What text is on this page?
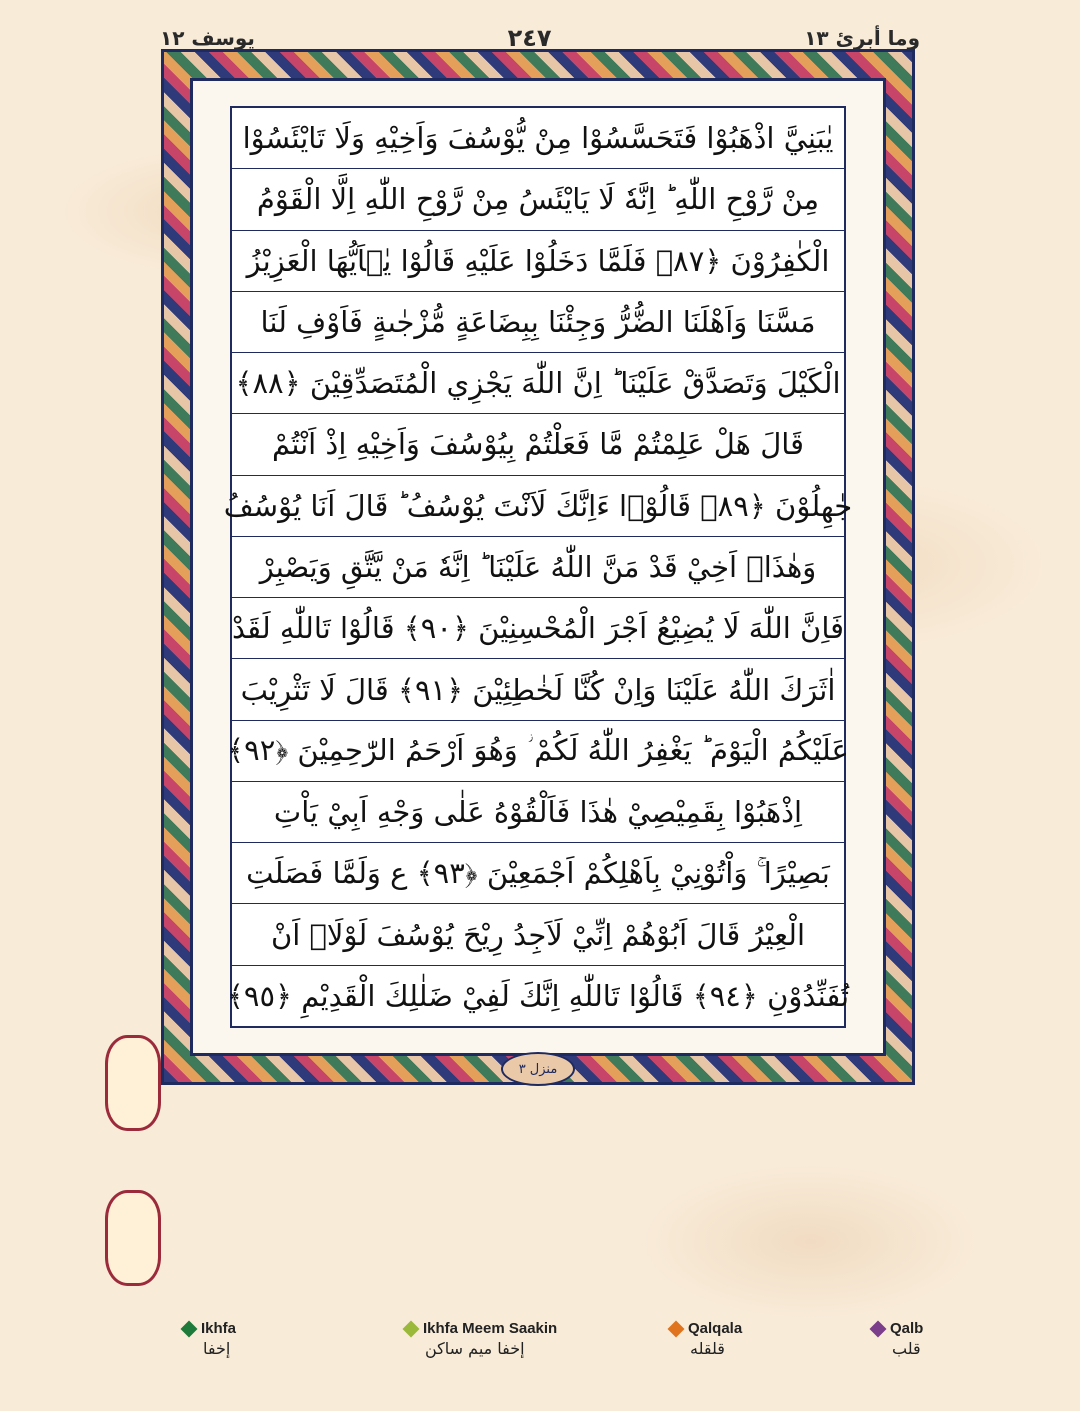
يوسف ١٢	٢٤٧	وما أبرئ ١٣
يٰبَنِيَّ اذْهَبُوْا فَتَحَسَّسُوْا مِنْ يُّوْسُفَ وَاَخِيْهِ وَلَا تَايْئَسُوْا
مِنْ رَّوْحِ اللّٰهِ ؕ اِنَّهٗ لَا يَايْئَسُ مِنْ رَّوْحِ اللّٰهِ اِلَّا الْقَوْمُ
الْكٰفِرُوْنَ ﴿٨٧﴾ فَلَمَّا دَخَلُوْا عَلَيْهِ قَالُوْا يٰۤاَيُّهَا الْعَزِيْزُ
مَسَّنَا وَاَهْلَنَا الضُّرُّ وَجِئْنَا بِبِضَاعَةٍ مُّزْجٰىةٍ فَاَوْفِ لَنَا
الْكَيْلَ وَتَصَدَّقْ عَلَيْنَا ؕ اِنَّ اللّٰهَ يَجْزِي الْمُتَصَدِّقِيْنَ ﴿٨٨﴾
قَالَ هَلْ عَلِمْتُمْ مَّا فَعَلْتُمْ بِيُوْسُفَ وَاَخِيْهِ اِذْ اَنْتُمْ
جٰهِلُوْنَ ﴿٨٩﴾ قَالُوْۤا ءَاِنَّكَ لَاَنْتَ يُوْسُفُ ؕ قَالَ اَنَا يُوْسُفُ
وَهٰذَاۤ اَخِيْ قَدْ مَنَّ اللّٰهُ عَلَيْنَا ؕ اِنَّهٗ مَنْ يَّتَّقِ وَيَصْبِرْ
فَاِنَّ اللّٰهَ لَا يُضِيْعُ اَجْرَ الْمُحْسِنِيْنَ ﴿٩٠﴾ قَالُوْا تَاللّٰهِ لَقَدْ
اٰثَرَكَ اللّٰهُ عَلَيْنَا وَاِنْ كُنَّا لَخٰطِئِيْنَ ﴿٩١﴾ قَالَ لَا تَثْرِيْبَ
عَلَيْكُمُ الْيَوْمَ ؕ يَغْفِرُ اللّٰهُ لَكُمْ ؗ وَهُوَ اَرْحَمُ الرّٰحِمِيْنَ ﴿٩٢﴾
اِذْهَبُوْا بِقَمِيْصِيْ هٰذَا فَاَلْقُوْهُ عَلٰى وَجْهِ اَبِيْ يَاْتِ
بَصِيْرًا ۚ وَاْتُوْنِيْ بِاَهْلِكُمْ اَجْمَعِيْنَ ﴿٩٣﴾ ع وَلَمَّا فَصَلَتِ
الْعِيْرُ قَالَ اَبُوْهُمْ اِنِّيْ لَاَجِدُ رِيْحَ يُوْسُفَ لَوْلَاۤ اَنْ
تُفَنِّدُوْنِ ﴿٩٤﴾ قَالُوْا تَاللّٰهِ اِنَّكَ لَفِيْ ضَلٰلِكَ الْقَدِيْمِ ﴿٩٥﴾
منزل ٣
Ikhfa
إخفا
Ikhfa Meem Saakin
إخفا میم ساکن
Qalqala
قلقله
Qalb
قلب
